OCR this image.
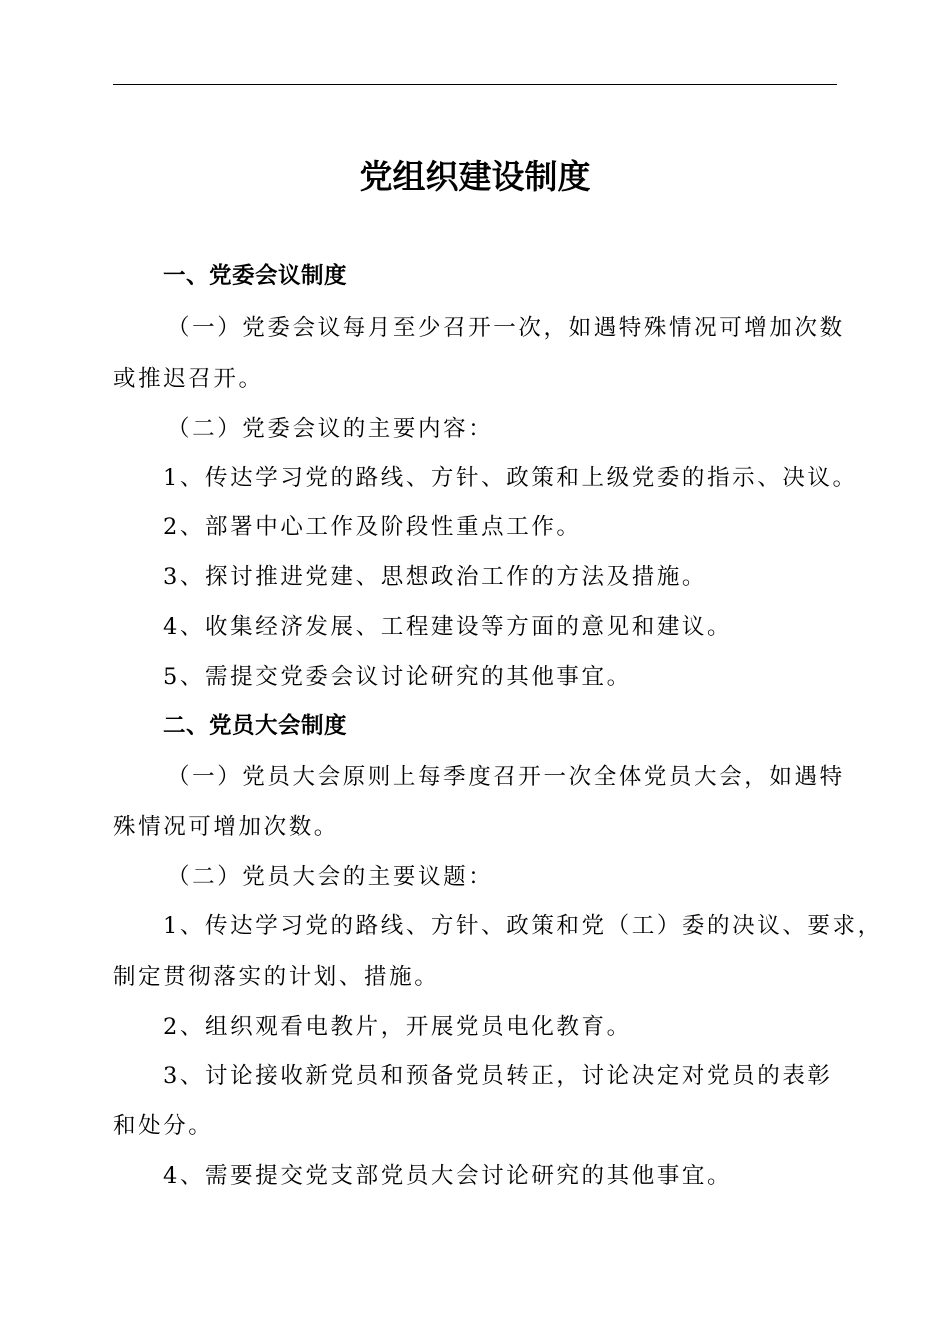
党组织建设制度

一、党委会议制度

（一）党委会议每月至少召开一次，如遇特殊情况可增加次数

或推迟召开。

（二）党委会议的主要内容：

1、传达学习党的路线、方针、政策和上级党委的指示、决议。

2、部署中心工作及阶段性重点工作。

3、探讨推进党建、思想政治工作的方法及措施。

4、收集经济发展、工程建设等方面的意见和建议。

5、需提交党委会议讨论研究的其他事宜。

二、党员大会制度

（一）党员大会原则上每季度召开一次全体党员大会，如遇特

殊情况可增加次数。

（二）党员大会的主要议题：

1、传达学习党的路线、方针、政策和党（工）委的决议、要求，

制定贯彻落实的计划、措施。

2、组织观看电教片，开展党员电化教育。

3、讨论接收新党员和预备党员转正，讨论决定对党员的表彰

和处分。

4、需要提交党支部党员大会讨论研究的其他事宜。
